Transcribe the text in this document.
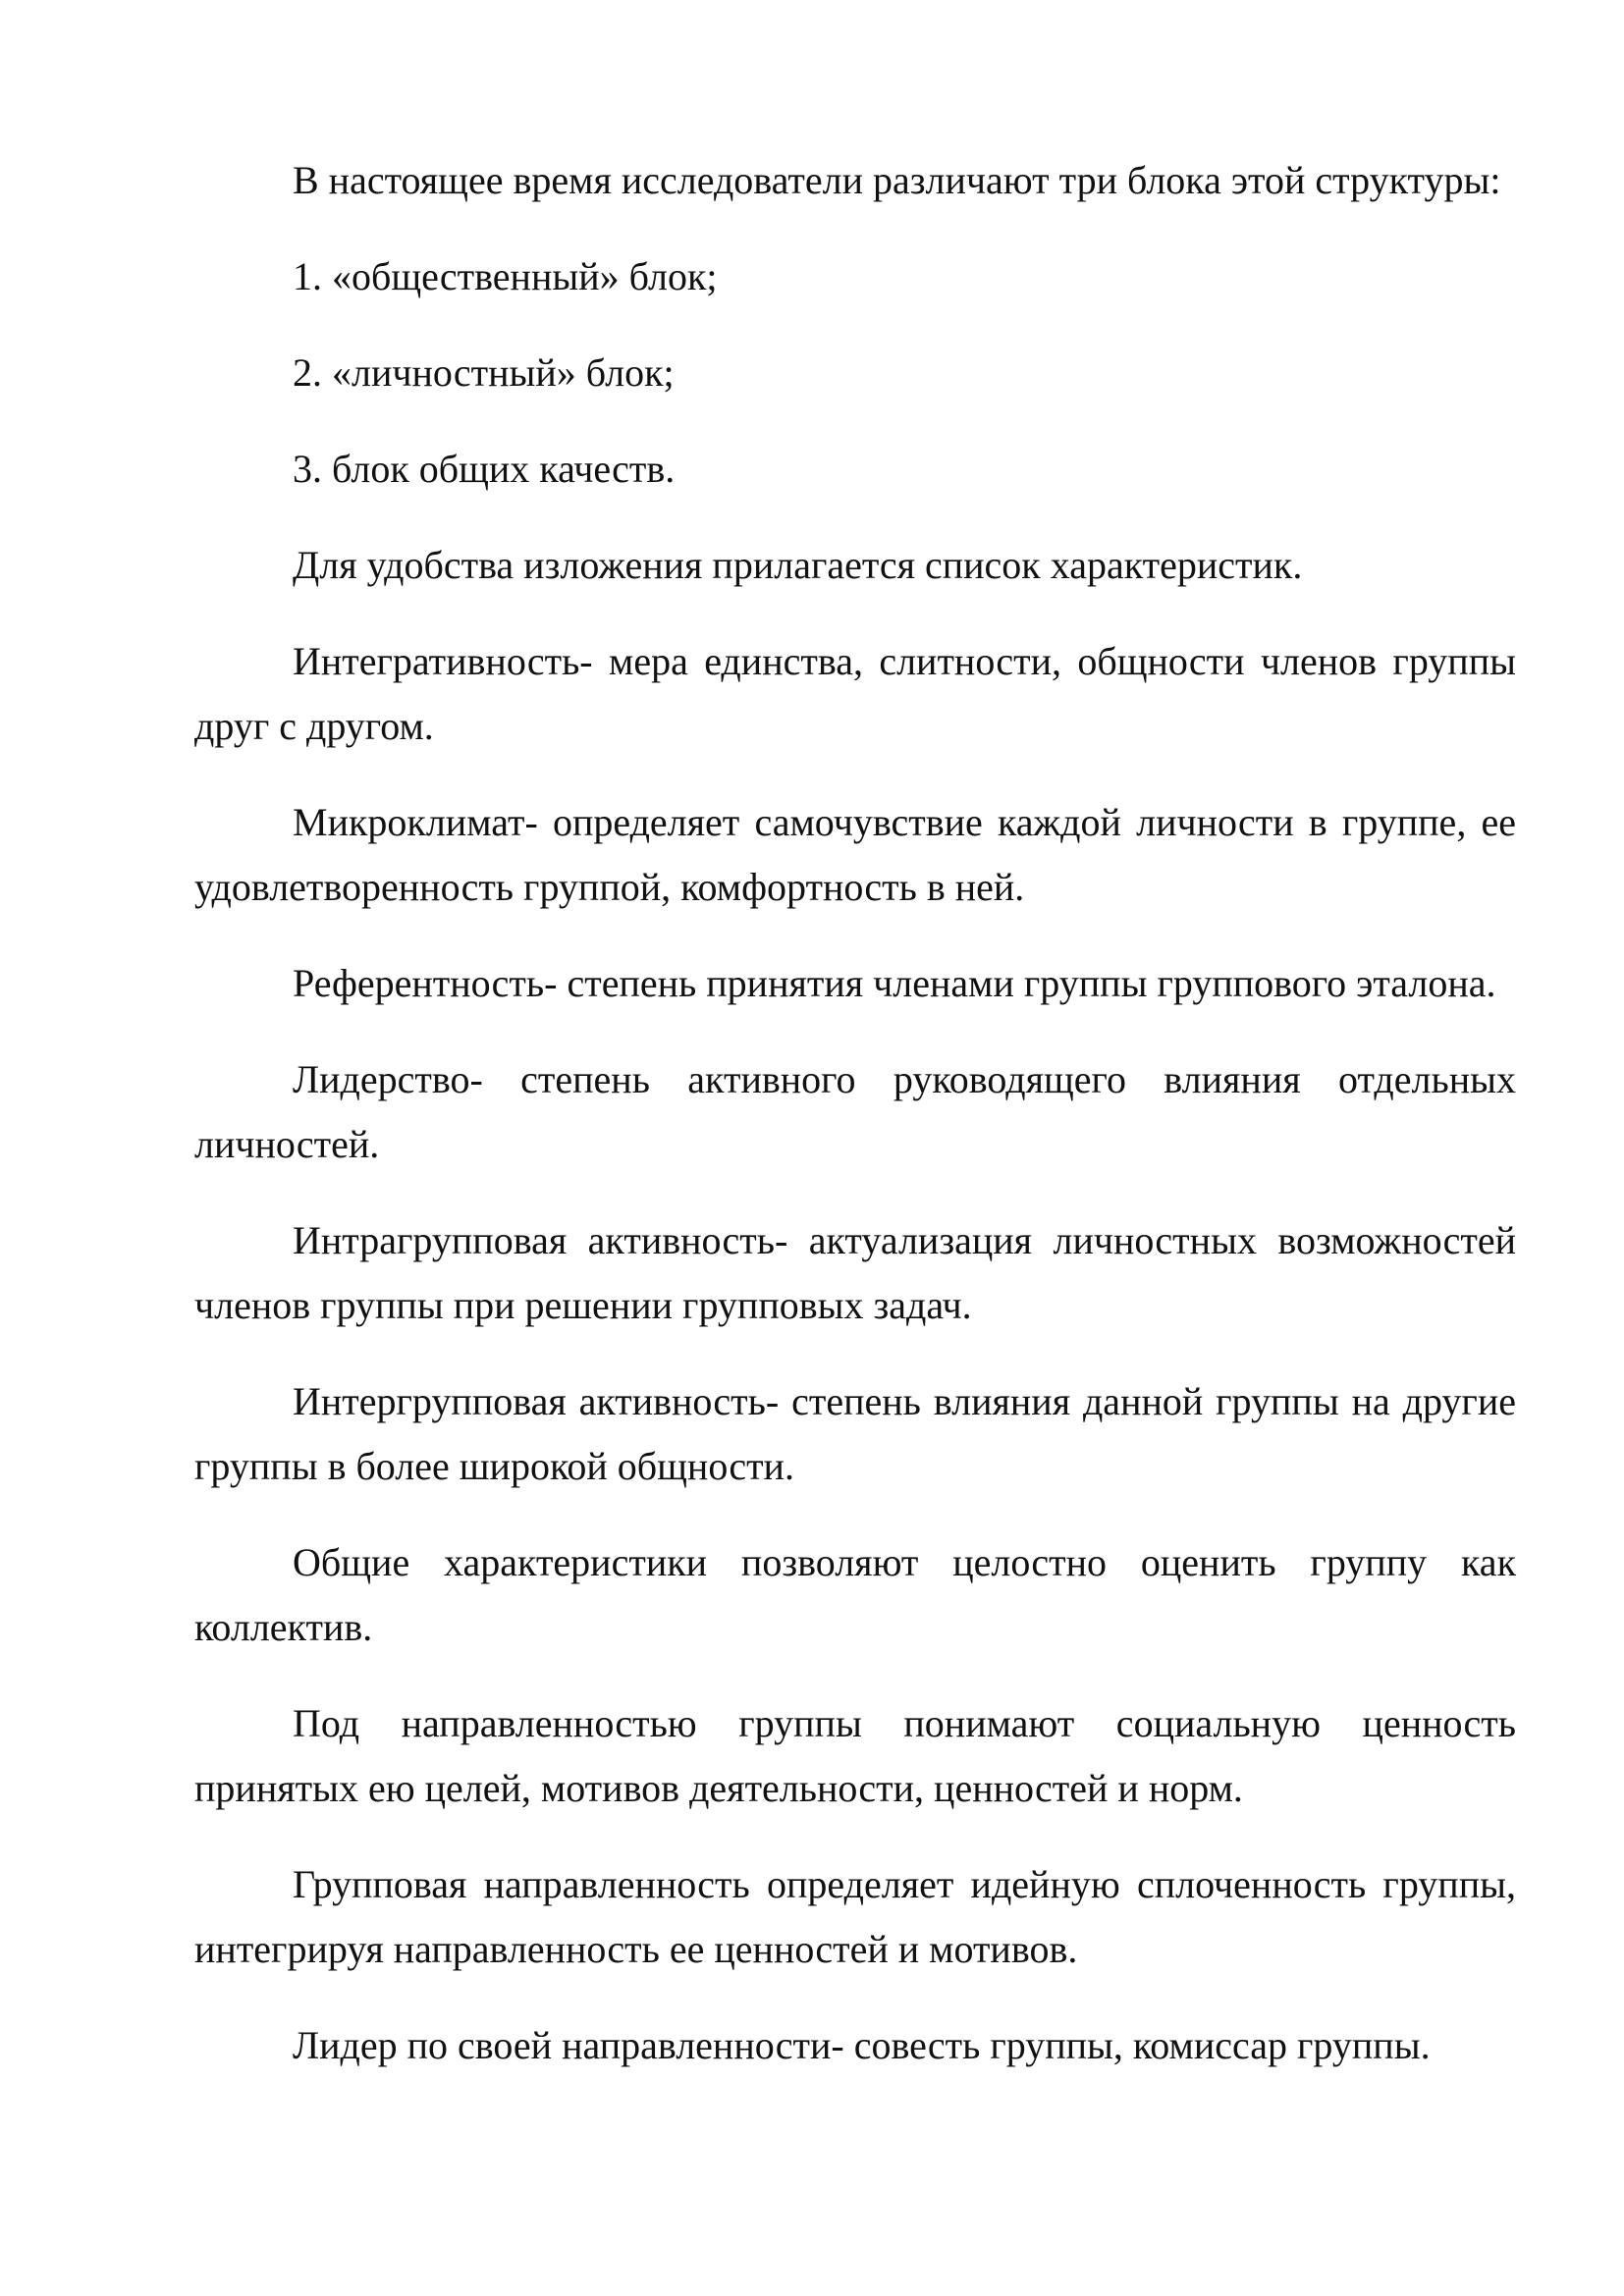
В настоящее время исследователи различают три блока этой структуры:

1. «общественный» блок;

2. «личностный» блок;

3. блок общих качеств.

Для удобства изложения прилагается список характеристик.

Интегративность- мера единства, слитности, общности членов группы друг с другом.

Микроклимат- определяет самочувствие каждой личности в группе, ее удовлетворенность группой, комфортность в ней.

Референтность- степень принятия членами группы группового эталона.

Лидерство- степень активного руководящего влияния отдельных личностей.

Интрагрупповая активность- актуализация личностных возможностей членов группы при решении групповых задач.

Интергрупповая активность- степень влияния данной группы на другие группы в более широкой общности.

Общие характеристики позволяют целостно оценить группу как коллектив.

Под направленностью группы понимают социальную ценность принятых ею целей, мотивов деятельности, ценностей и норм.

Групповая направленность определяет идейную сплоченность группы, интегрируя направленность ее ценностей и мотивов.

Лидер по своей направленности- совесть группы, комиссар группы.
